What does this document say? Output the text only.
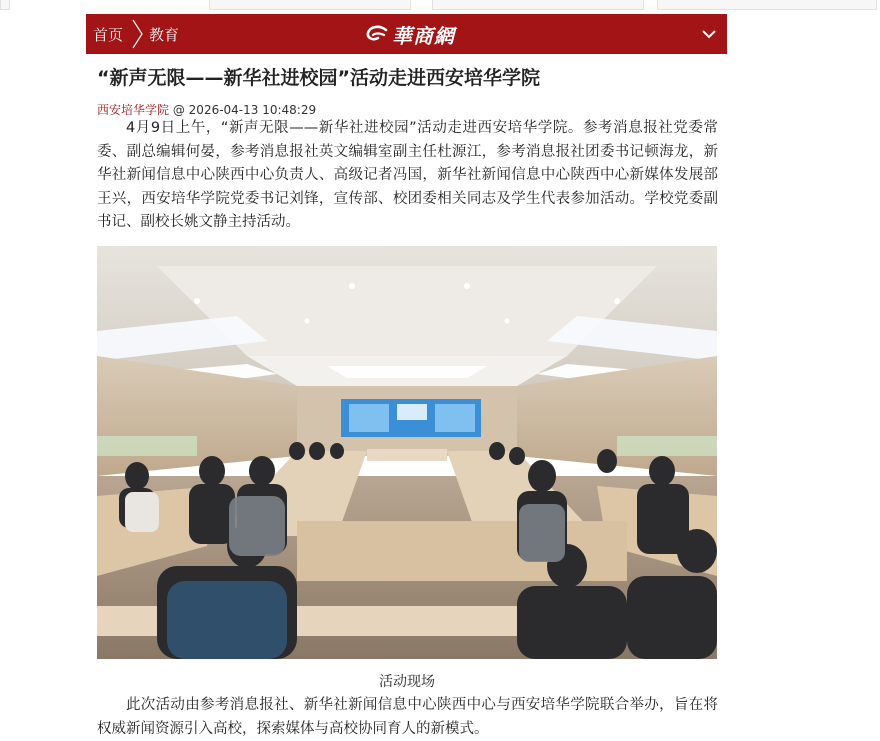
首页	教育	華商網
“新声无限——新华社进校园”活动走进西安培华学院
西安培华学院 @ 2026-04-13 10:48:29

4月9日上午，“新声无限——新华社进校园”活动走进西安培华学院。参考消息报社党委常委、副总编辑何晏，参考消息报社英文编辑室副主任杜源江，参考消息报社团委书记顿海龙，新华社新闻信息中心陕西中心负责人、高级记者冯国，新华社新闻信息中心陕西中心新媒体发展部王兴，西安培华学院党委书记刘锋，宣传部、校团委相关同志及学生代表参加活动。学校党委副书记、副校长姚文静主持活动。

活动现场

此次活动由参考消息报社、新华社新闻信息中心陕西中心与西安培华学院联合举办，旨在将权威新闻资源引入高校，探索媒体与高校协同育人的新模式。
